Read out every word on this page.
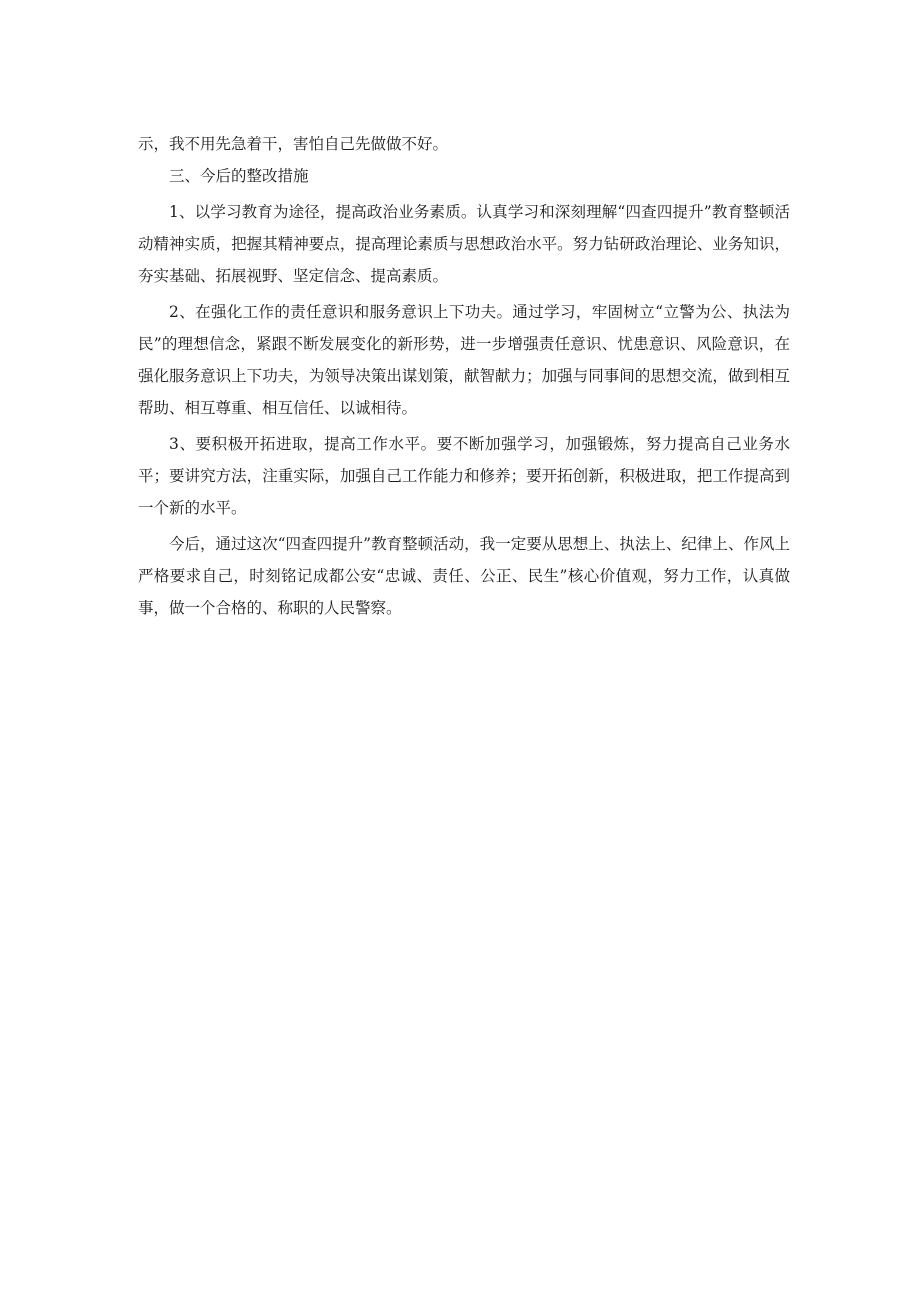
示，我不用先急着干，害怕自己先做做不好。

三、今后的整改措施

1、以学习教育为途径，提高政治业务素质。认真学习和深刻理解“四查四提升”教育整顿活动精神实质，把握其精神要点，提高理论素质与思想政治水平。努力钻研政治理论、业务知识，夯实基础、拓展视野、坚定信念、提高素质。

2、在强化工作的责任意识和服务意识上下功夫。通过学习，牢固树立“立警为公、执法为民”的理想信念，紧跟不断发展变化的新形势，进一步增强责任意识、忧患意识、风险意识，在强化服务意识上下功夫，为领导决策出谋划策，献智献力；加强与同事间的思想交流，做到相互帮助、相互尊重、相互信任、以诚相待。

3、要积极开拓进取，提高工作水平。要不断加强学习，加强锻炼，努力提高自己业务水平；要讲究方法，注重实际，加强自己工作能力和修养；要开拓创新，积极进取，把工作提高到一个新的水平。

今后，通过这次“四查四提升”教育整顿活动，我一定要从思想上、执法上、纪律上、作风上严格要求自己，时刻铭记成都公安“忠诚、责任、公正、民生”核心价值观，努力工作，认真做事，做一个合格的、称职的人民警察。
